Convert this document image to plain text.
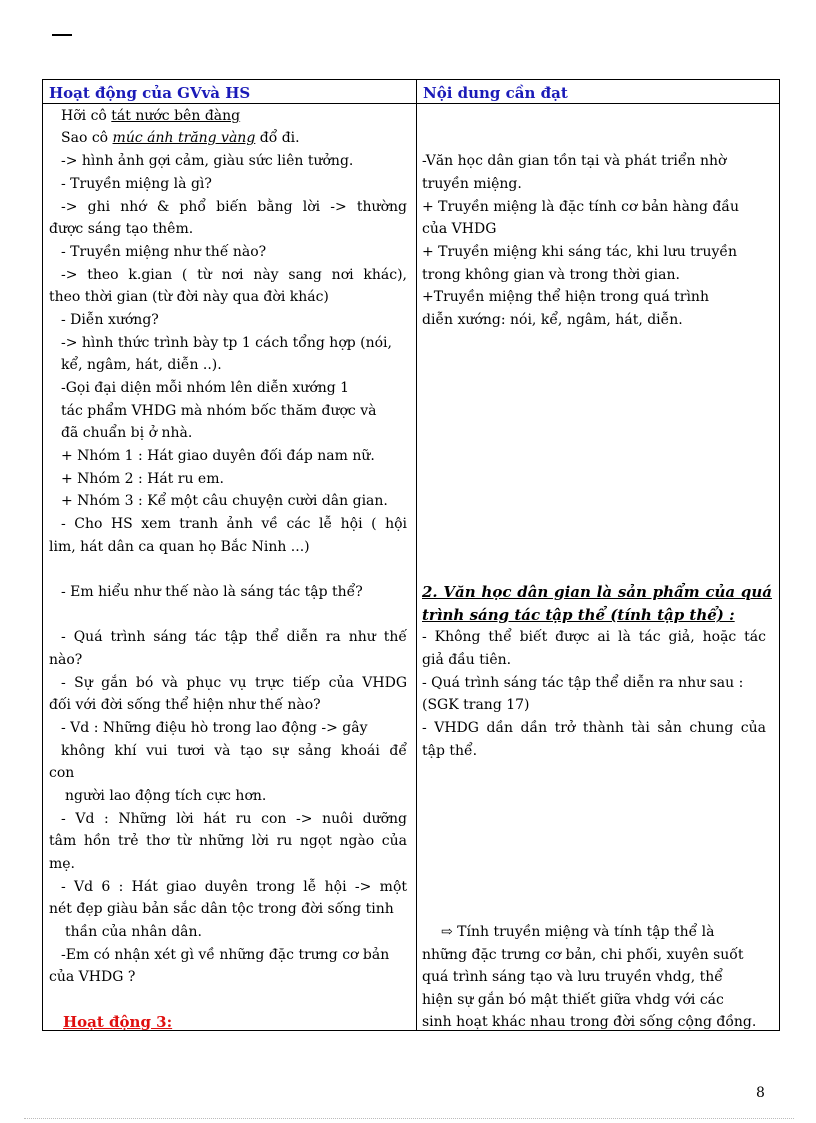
Hoạt động của GVvà HS	Nội dung cần đạt
Hỡi cô tát nước bên đàng
Sao cô múc ánh trăng vàng đổ đi.
-> hình ảnh gợi cảm, giàu sức liên tưởng.
- Truyền miệng là gì?
-> ghi nhớ & phổ biến bằng lời -> thường
được sáng tạo thêm.
- Truyền miệng như thế nào?
-> theo k.gian ( từ nơi này sang nơi khác),
theo thời gian (từ đời này qua đời khác)
- Diễn xướng?
-> hình thức trình bày tp 1 cách tổng hợp (nói,
kể, ngâm, hát, diễn ..).
-Gọi đại diện mỗi nhóm lên diễn xướng 1
tác phẩm VHDG mà nhóm bốc thăm được và
đã chuẩn bị ở nhà.
+ Nhóm 1 : Hát giao duyên đối đáp nam nữ.
+ Nhóm 2 : Hát ru em.
+ Nhóm 3 : Kể một câu chuyện cười dân gian.
- Cho HS xem tranh ảnh về các lễ hội ( hội
lim, hát dân ca quan họ Bắc Ninh ...)
- Em hiểu như thế nào là sáng tác tập thể?
- Quá trình sáng tác tập thể diễn ra như thế
nào?
- Sự gắn bó và phục vụ trực tiếp của VHDG
đối với đời sống thể hiện như thế nào?
- Vd : Những điệu hò trong lao động -> gây
không khí vui tươi và tạo sự sảng khoái để
con
người lao động tích cực hơn.
- Vd : Những lời hát ru con -> nuôi dưỡng
tâm hồn trẻ thơ từ những lời ru ngọt ngào của
mẹ.
- Vd 6 : Hát giao duyên trong lễ hội -> một
nét đẹp giàu bản sắc dân tộc trong đời sống tinh
thần của nhân dân.
-Em có nhận xét gì về những đặc trưng cơ bản
của VHDG ?
Hoạt động 3:
-Văn học dân gian tồn tại và phát triển nhờ
truyền miệng.
+ Truyền miệng là đặc tính cơ bản hàng đầu
của VHDG
+ Truyền miệng khi sáng tác, khi lưu truyền
trong không gian và trong thời gian.
+Truyền miệng thể hiện trong quá trình
diễn xướng: nói, kể, ngâm, hát, diễn.
2. Văn học dân gian là sản phẩm của quá
trình sáng tác tập thể (tính tập thể) :
- Không thể biết được ai là tác giả, hoặc tác
giả đầu tiên.
- Quá trình sáng tác tập thể diễn ra như sau :
(SGK trang 17)
- VHDG dần dần trở thành tài sản chung của
tập thể.
⇨ Tính truyền miệng và tính tập thể là
những đặc trưng cơ bản, chi phối, xuyên suốt
quá trình sáng tạo và lưu truyền vhdg, thể
hiện sự gắn bó mật thiết giữa vhdg với các
sinh hoạt khác nhau trong đời sống cộng đồng.
8
